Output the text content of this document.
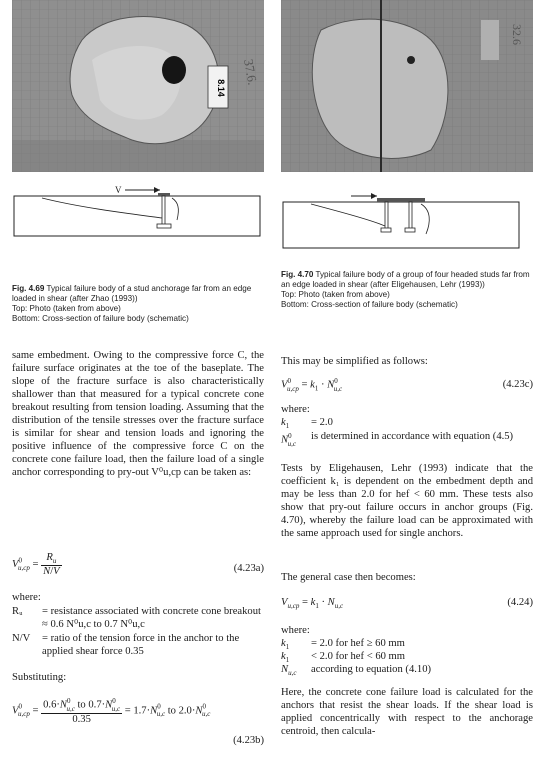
8.14
37.6.
V
Fig. 4.69 Typical failure body of a stud anchorage far from an edge loaded in shear (after Zhao (1993))
Top: Photo (taken from above)
Bottom: Cross-section of failure body (schematic)

same embedment. Owing to the compressive force C, the failure surface originates at the toe of the baseplate. The slope of the fracture surface is also characteristically shallower than that measured for a typical concrete cone breakout resulting from tension loading. Assuming that the distribution of the tensile stresses over the fracture surface is similar for shear and tension loads and ignoring the positive influence of the compressive force C on the concrete cone failure load, then the failure load of a single anchor corresponding to pry-out V⁰u,cp can be taken as:

$V^0_{u,cp} = \frac{R_u}{N/V}$	(4.23a)
where:
Rᵤ	= resistance associated with concrete cone breakout ≈ 0.6 N⁰u,c to 0.7 N⁰u,c
N/V	= ratio of the tension force in the anchor to the applied shear force 0.35
Substituting:
$V^0_{u,cp} = \frac{0.6\cdot N^0_{u,c} to 0.7\cdot N^0_{u,c}}{0.35} = 1.7\cdot N^0_{u,c}$ to $2.0\cdot N^0_{u,c}$
(4.23b)
32.6
Fig. 4.70 Typical failure body of a group of four headed studs far from an edge loaded in shear (after Eligehausen, Lehr (1993))
Top: Photo (taken from above)
Bottom: Cross-section of failure body (schematic)
This may be simplified as follows:
$V^0_{u,cp} = k_1 \cdot N^0_{u,c}$	(4.23c)
where:
$k_1 = 2.0$
$N^0_{u,c}$
is determined in accordance with equation (4.5)

Tests by Eligehausen, Lehr (1993) indicate that the coefficient k₁ is dependent on the embedment depth and may be less than 2.0 for hef < 60 mm. These tests also show that pry-out failure occurs in anchor groups (Fig. 4.70), whereby the failure load can be approximated with the same approach used for single anchors.

The general case then becomes:
$V_{u,cp} = k_1 \cdot N_{u,c}$	(4.24)
where:
$k_1 = 2.0$ for hef ≥ 60 mm
$k_1 < 2.0$ for hef < 60 mm
$N_{u,c}$ according to equation (4.10)

Here, the concrete cone failure load is calculated for the anchors that resist the shear loads. If the shear load is applied concentrically with respect to the anchorage centroid, then calcula-
